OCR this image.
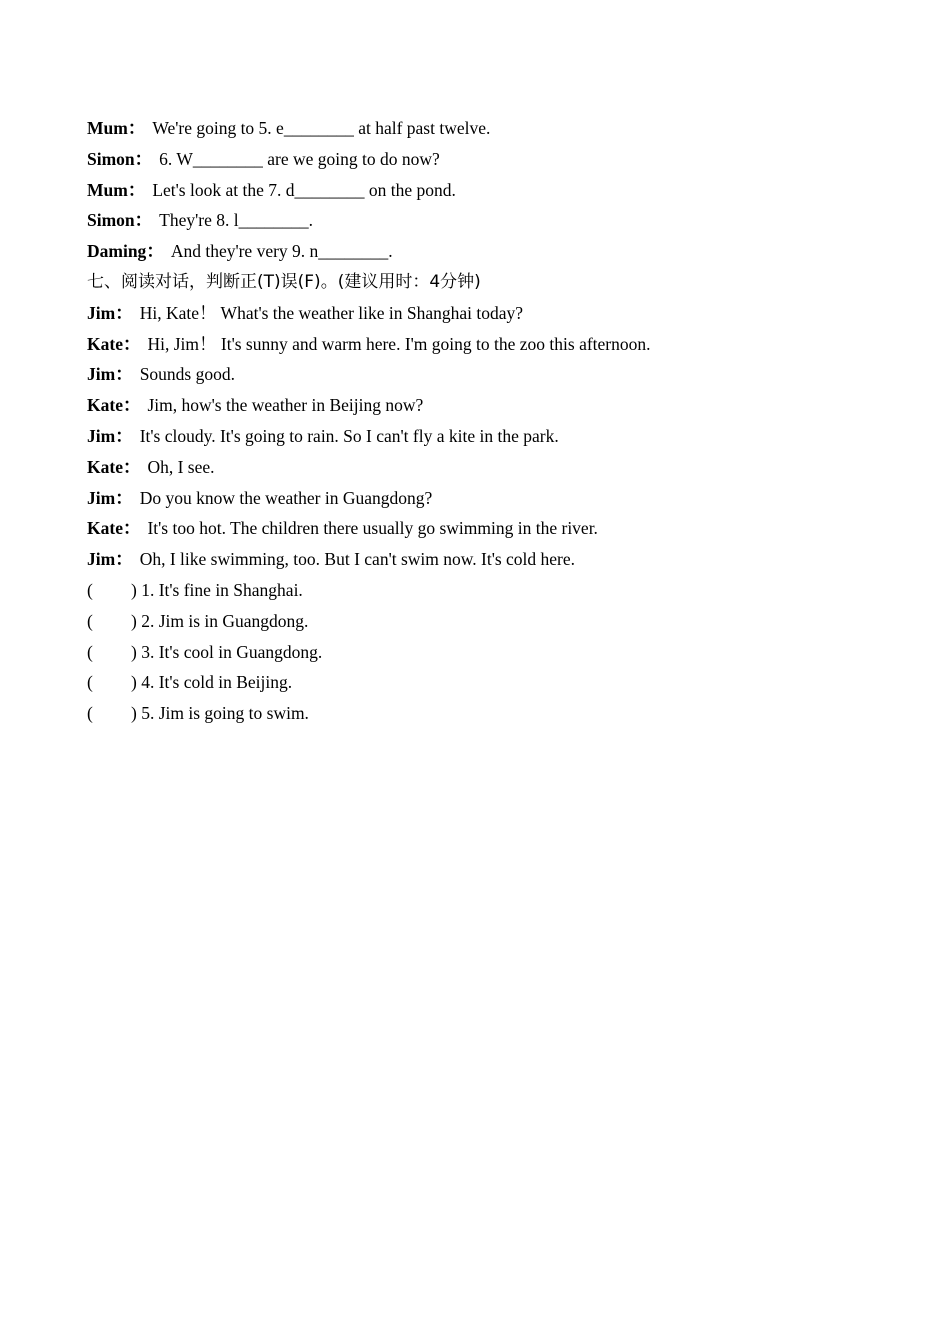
Mum： We're going to 5. e________ at half past twelve.
Simon： 6. W________ are we going to do now?
Mum： Let's look at the 7. d________ on the pond.
Simon： They're 8. l________.
Daming： And they're very 9. n________.
七、阅读对话，判断正(T)误(F)。(建议用时：4分钟)
Jim： Hi, Kate！ What's the weather like in Shanghai today?
Kate： Hi, Jim！ It's sunny and warm here. I'm going to the zoo this afternoon.
Jim： Sounds good.
Kate： Jim, how's the weather in Beijing now?
Jim： It's cloudy. It's going to rain. So I can't fly a kite in the park.
Kate： Oh, I see.
Jim： Do you know the weather in Guangdong?
Kate： It's too hot. The children there usually go swimming in the river.
Jim： Oh, I like swimming, too. But I can't swim now. It's cold here.
( ) 1. It's fine in Shanghai.
( ) 2. Jim is in Guangdong.
( ) 3. It's cool in Guangdong.
( ) 4. It's cold in Beijing.
( ) 5. Jim is going to swim.
